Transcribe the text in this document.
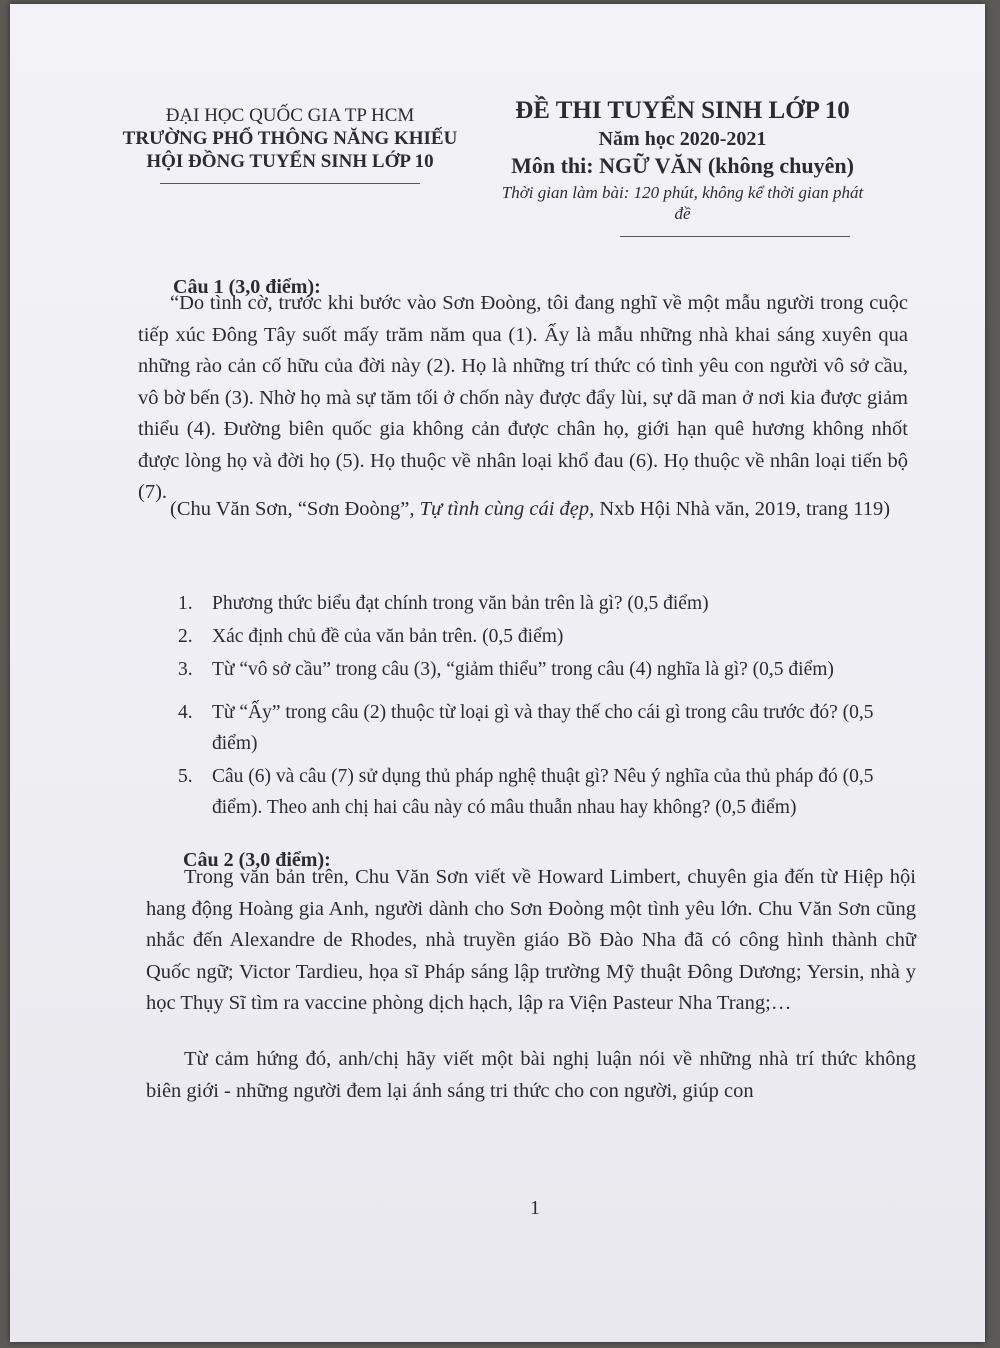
ĐẠI HỌC QUỐC GIA TP HCM
TRƯỜNG PHỔ THÔNG NĂNG KHIẾU
HỘI ĐỒNG TUYỂN SINH LỚP 10
ĐỀ THI TUYỂN SINH LỚP 10
Năm học 2020-2021
Môn thi: NGỮ VĂN (không chuyên)
Thời gian làm bài: 120 phút, không kể thời gian phát đề
Câu 1 (3,0 điểm):
“Do tình cờ, trước khi bước vào Sơn Đoòng, tôi đang nghĩ về một mẫu người trong cuộc tiếp xúc Đông Tây suốt mấy trăm năm qua (1). Ấy là mẫu những nhà khai sáng xuyên qua những rào cản cố hữu của đời này (2). Họ là những trí thức có tình yêu con người vô sở cầu, vô bờ bến (3). Nhờ họ mà sự tăm tối ở chốn này được đẩy lùi, sự dã man ở nơi kia được giảm thiểu (4). Đường biên quốc gia không cản được chân họ, giới hạn quê hương không nhốt được lòng họ và đời họ (5). Họ thuộc về nhân loại khổ đau (6). Họ thuộc về nhân loại tiến bộ (7).
(Chu Văn Sơn, “Sơn Đoòng”, Tự tình cùng cái đẹp, Nxb Hội Nhà văn, 2019, trang 119)
1. Phương thức biểu đạt chính trong văn bản trên là gì? (0,5 điểm)
2. Xác định chủ đề của văn bản trên. (0,5 điểm)
3. Từ “vô sở cầu” trong câu (3), “giảm thiểu” trong câu (4) nghĩa là gì? (0,5 điểm)
4. Từ “Ấy” trong câu (2) thuộc từ loại gì và thay thế cho cái gì trong câu trước đó? (0,5 điểm)
5. Câu (6) và câu (7) sử dụng thủ pháp nghệ thuật gì? Nêu ý nghĩa của thủ pháp đó (0,5 điểm). Theo anh chị hai câu này có mâu thuẫn nhau hay không? (0,5 điểm)
Câu 2 (3,0 điểm):
Trong văn bản trên, Chu Văn Sơn viết về Howard Limbert, chuyên gia đến từ Hiệp hội hang động Hoàng gia Anh, người dành cho Sơn Đoòng một tình yêu lớn. Chu Văn Sơn cũng nhắc đến Alexandre de Rhodes, nhà truyền giáo Bồ Đào Nha đã có công hình thành chữ Quốc ngữ; Victor Tardieu, họa sĩ Pháp sáng lập trường Mỹ thuật Đông Dương; Yersin, nhà y học Thụy Sĩ tìm ra vaccine phòng dịch hạch, lập ra Viện Pasteur Nha Trang;…
Từ cảm hứng đó, anh/chị hãy viết một bài nghị luận nói về những nhà trí thức không biên giới - những người đem lại ánh sáng tri thức cho con người, giúp con
1
